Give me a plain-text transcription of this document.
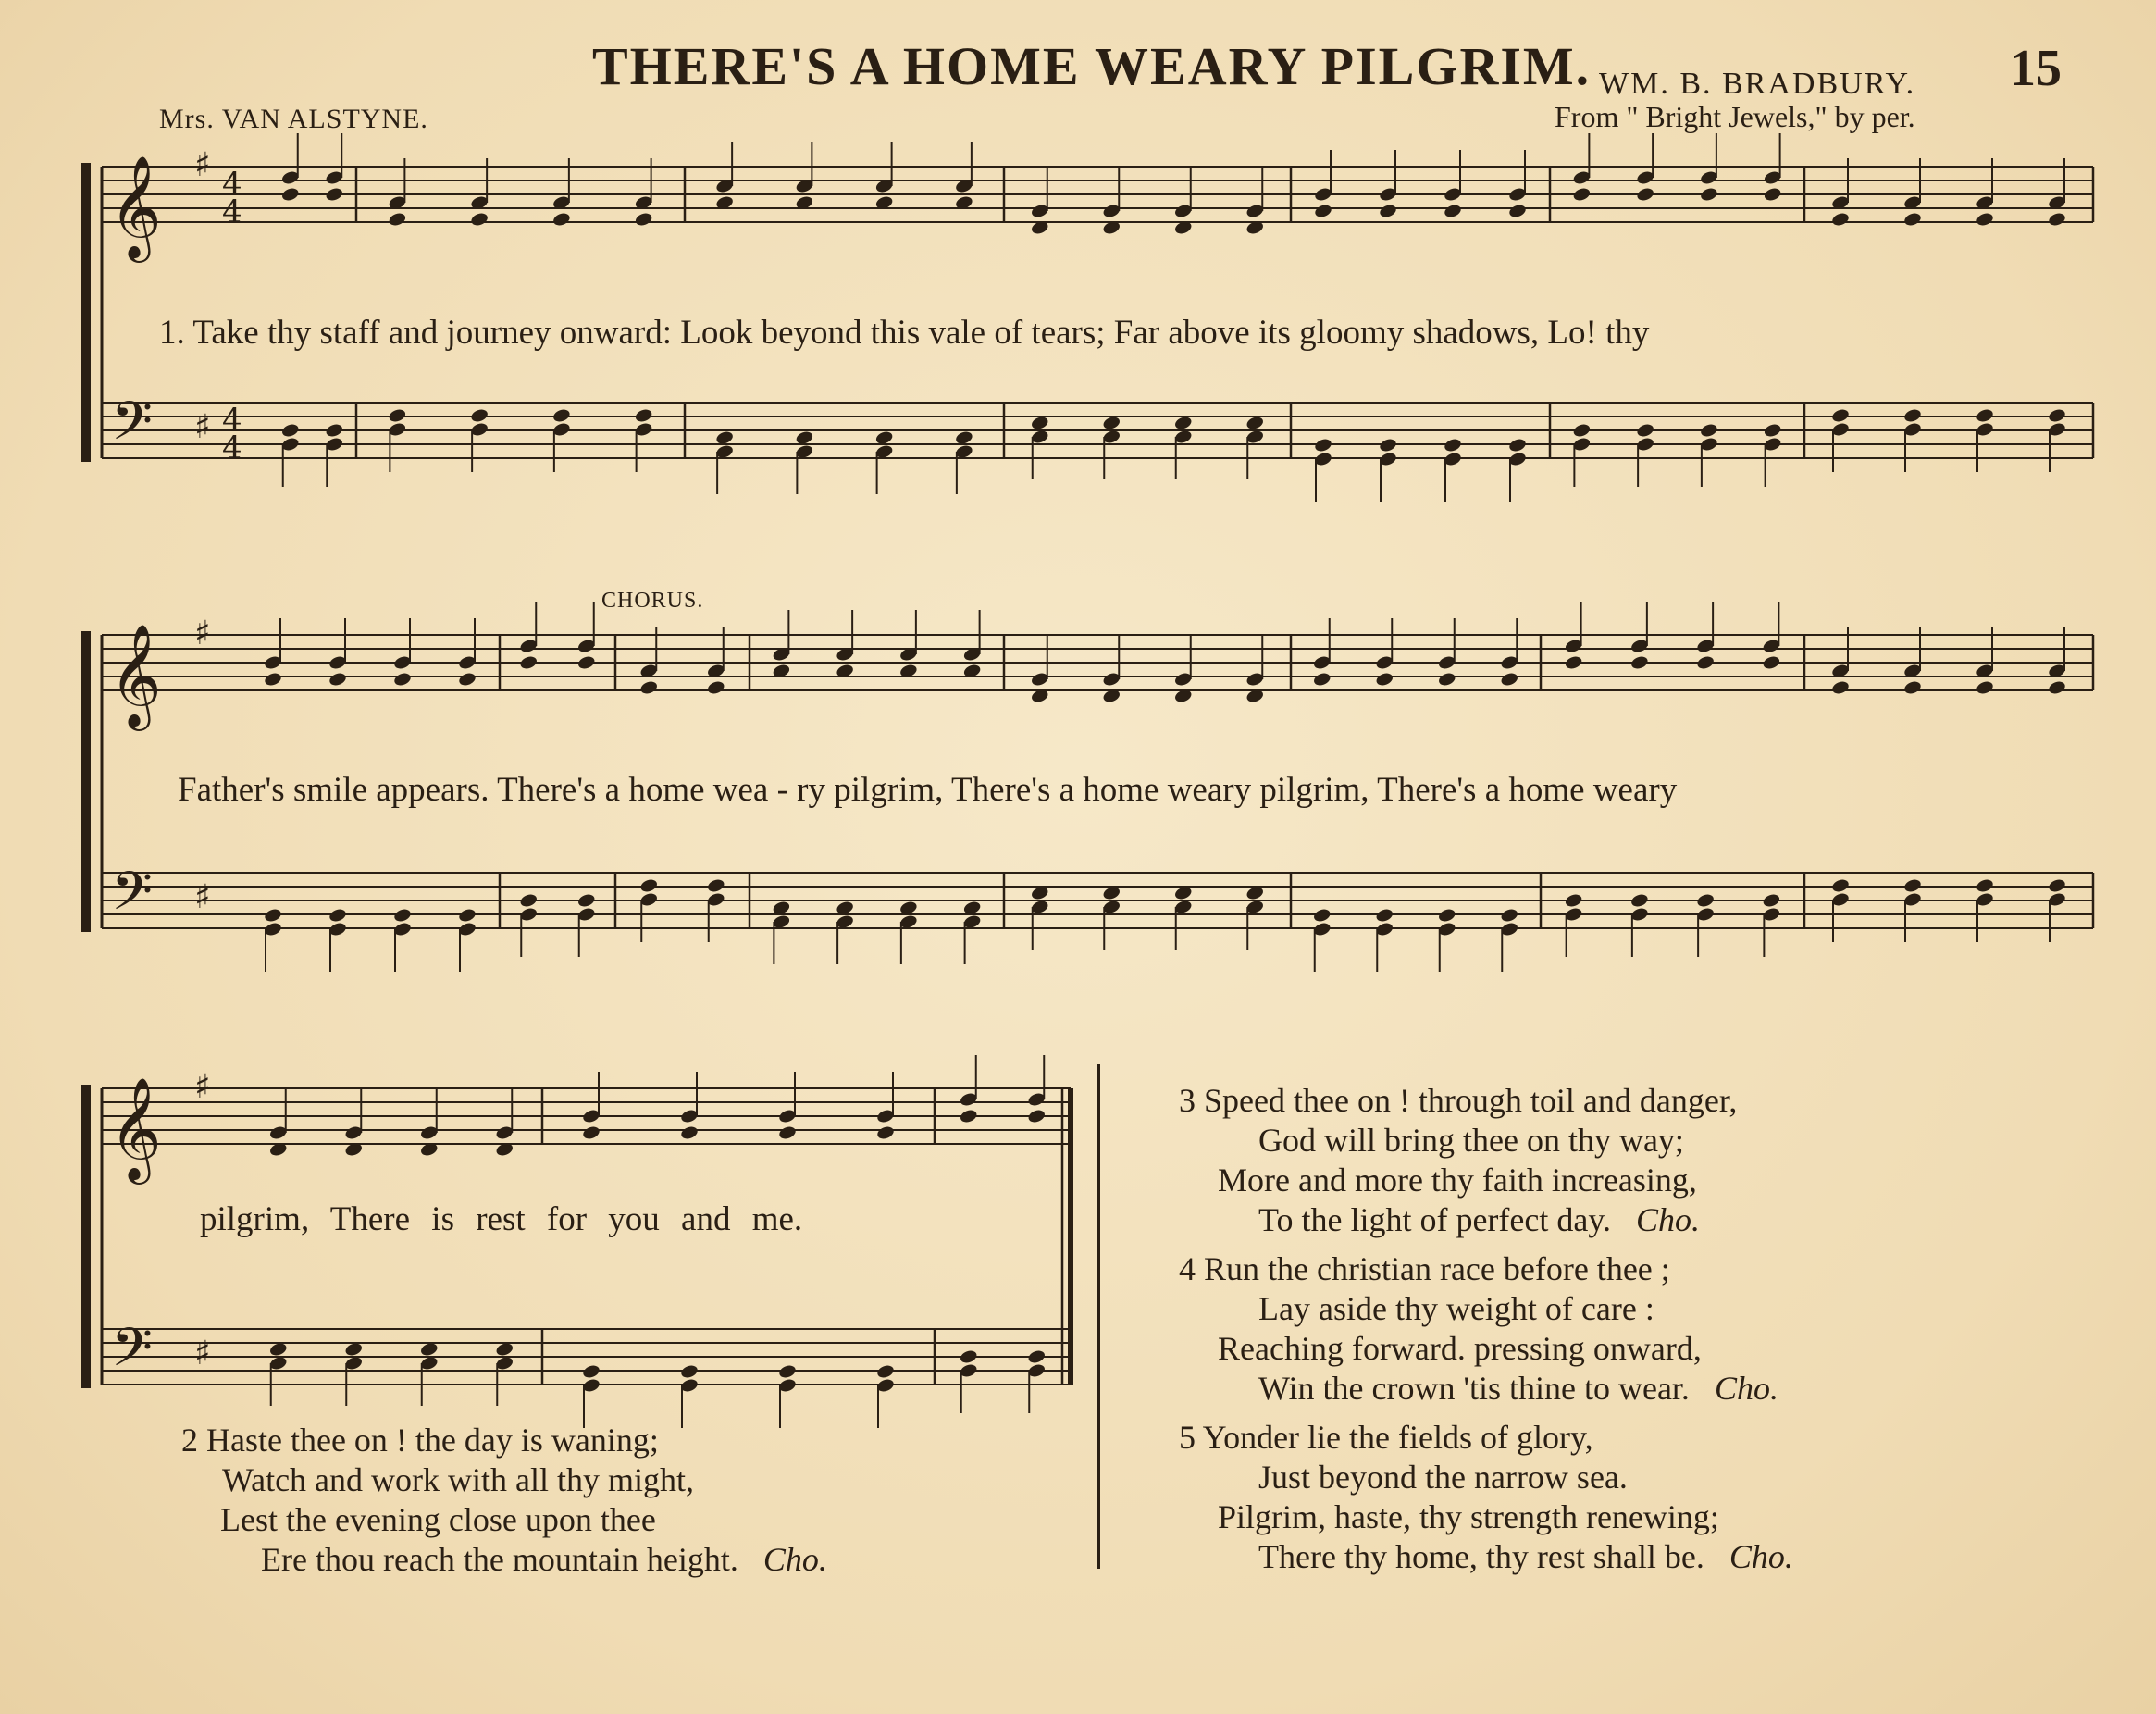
THERE'S A HOME WEARY PILGRIM. WM. B. BRADBURY. 15
Mrs. VAN ALSTYNE.	From " Bright Jewels," by per.
𝄞
𝄢
♯
♯
4
4
4
4
𝄞
𝄢
♯
♯
𝄞
𝄢
♯
♯
1. Take thy staff and journey onward: Look beyond this vale of tears; Far above its gloomy shadows, Lo! thy
CHORUS.
Father's smile appears. There's a home wea - ry pilgrim, There's a home weary pilgrim, There's a home weary
pilgrim, There is rest for you and me.
2 Haste thee on ! the day is waning;
Watch and work with all thy might,
Lest the evening close upon thee
Ere thou reach the mountain height. Cho.
3 Speed thee on ! through toil and danger,
God will bring thee on thy way;
More and more thy faith increasing,
To the light of perfect day. Cho.
4 Run the christian race before thee ;
Lay aside thy weight of care :
Reaching forward. pressing onward,
Win the crown 'tis thine to wear. Cho.
5 Yonder lie the fields of glory,
Just beyond the narrow sea.
Pilgrim, haste, thy strength renewing;
There thy home, thy rest shall be. Cho.
